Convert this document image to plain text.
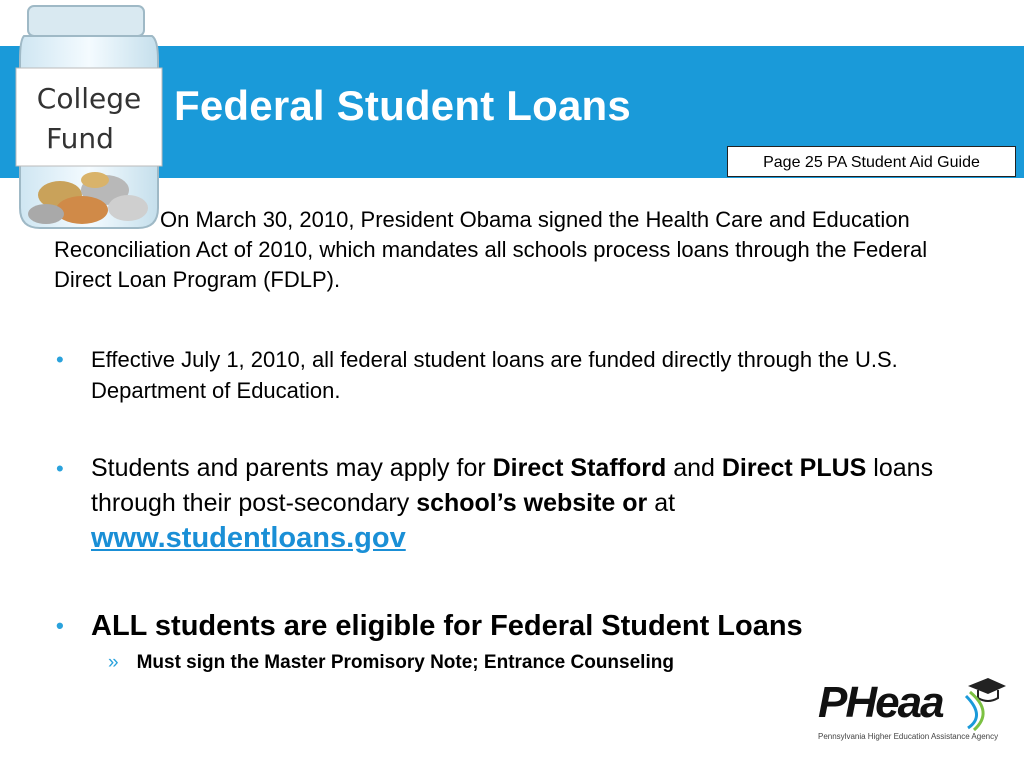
College
Fund
Federal Student Loans
Page 25 PA Student Aid Guide
On March 30, 2010, President Obama signed the Health Care and Education Reconciliation Act of 2010, which mandates all schools process loans through the Federal Direct Loan Program (FDLP).
• Effective July 1, 2010, all federal student loans are funded directly through the U.S. Department of Education.
• Students and parents may apply for Direct Stafford and Direct PLUS loans through their post-secondary school’s website or at www.studentloans.gov
• ALL students are eligible for Federal Student Loans
» Must sign the Master Promisory Note; Entrance Counseling
PHeaa
Pennsylvania Higher Education Assistance Agency
